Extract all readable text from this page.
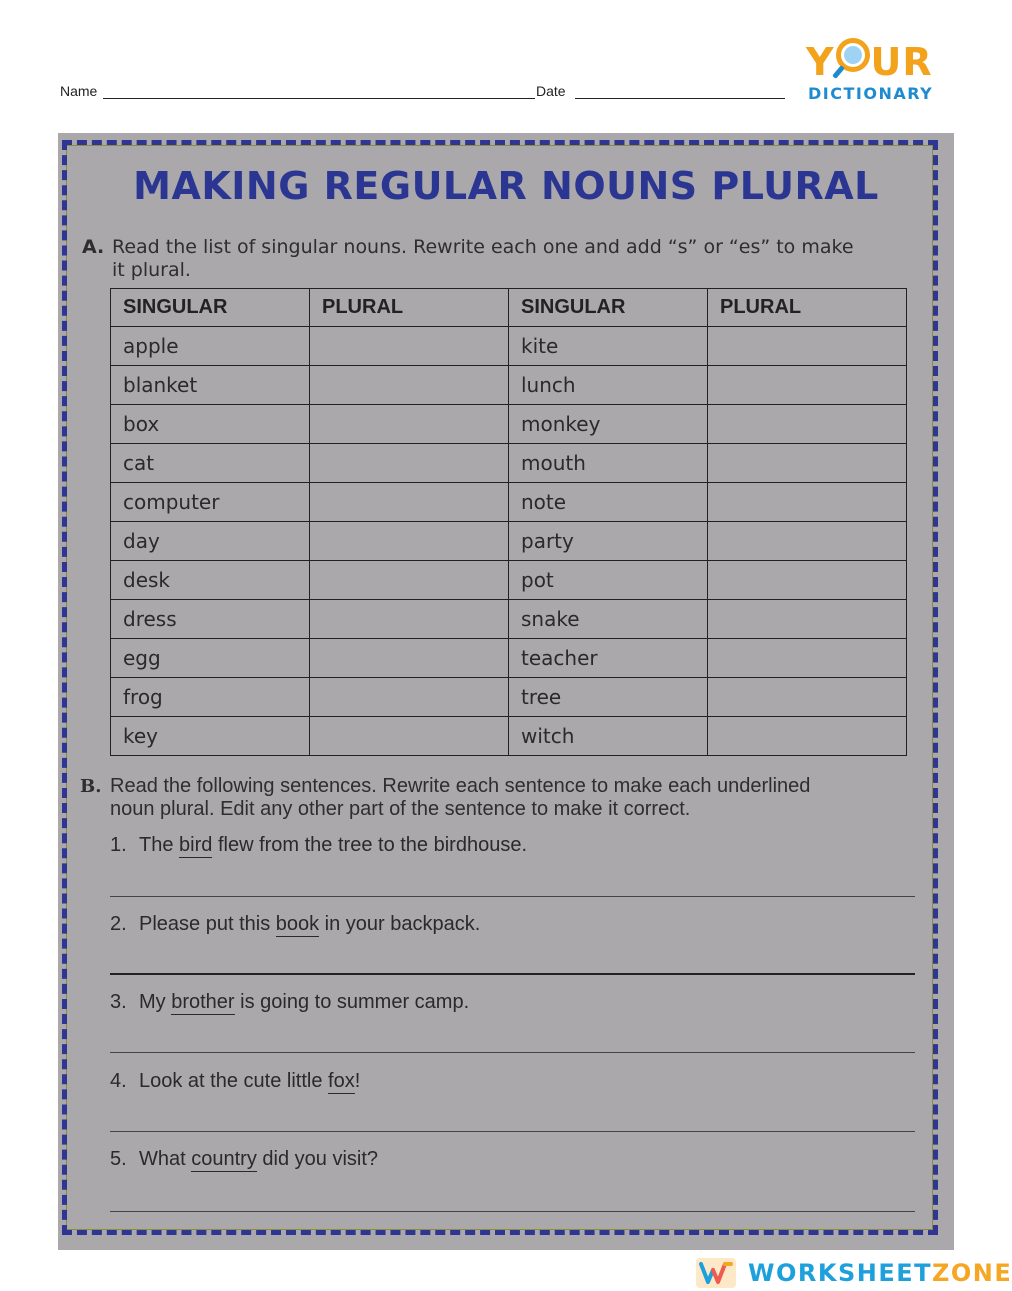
Name	Date
Y UR
DICTIONARY
MAKING REGULAR NOUNS PLURAL
A. Read the list of singular nouns. Rewrite each one and add “s” or “es” to make
it plural.
SINGULAR	PLURAL	SINGULAR	PLURAL
apple		kite	
blanket		lunch	
box		monkey	
cat		mouth	
computer		note	
day		party	
desk		pot	
dress		snake	
egg		teacher	
frog		tree	
key		witch	
B. Read the following sentences. Rewrite each sentence to make each underlined
noun plural. Edit any other part of the sentence to make it correct.
1. The bird flew from the tree to the birdhouse.
2. Please put this book in your backpack.
3. My brother is going to summer camp.
4. Look at the cute little fox!
5. What country did you visit?
WORKSHEETZONE
